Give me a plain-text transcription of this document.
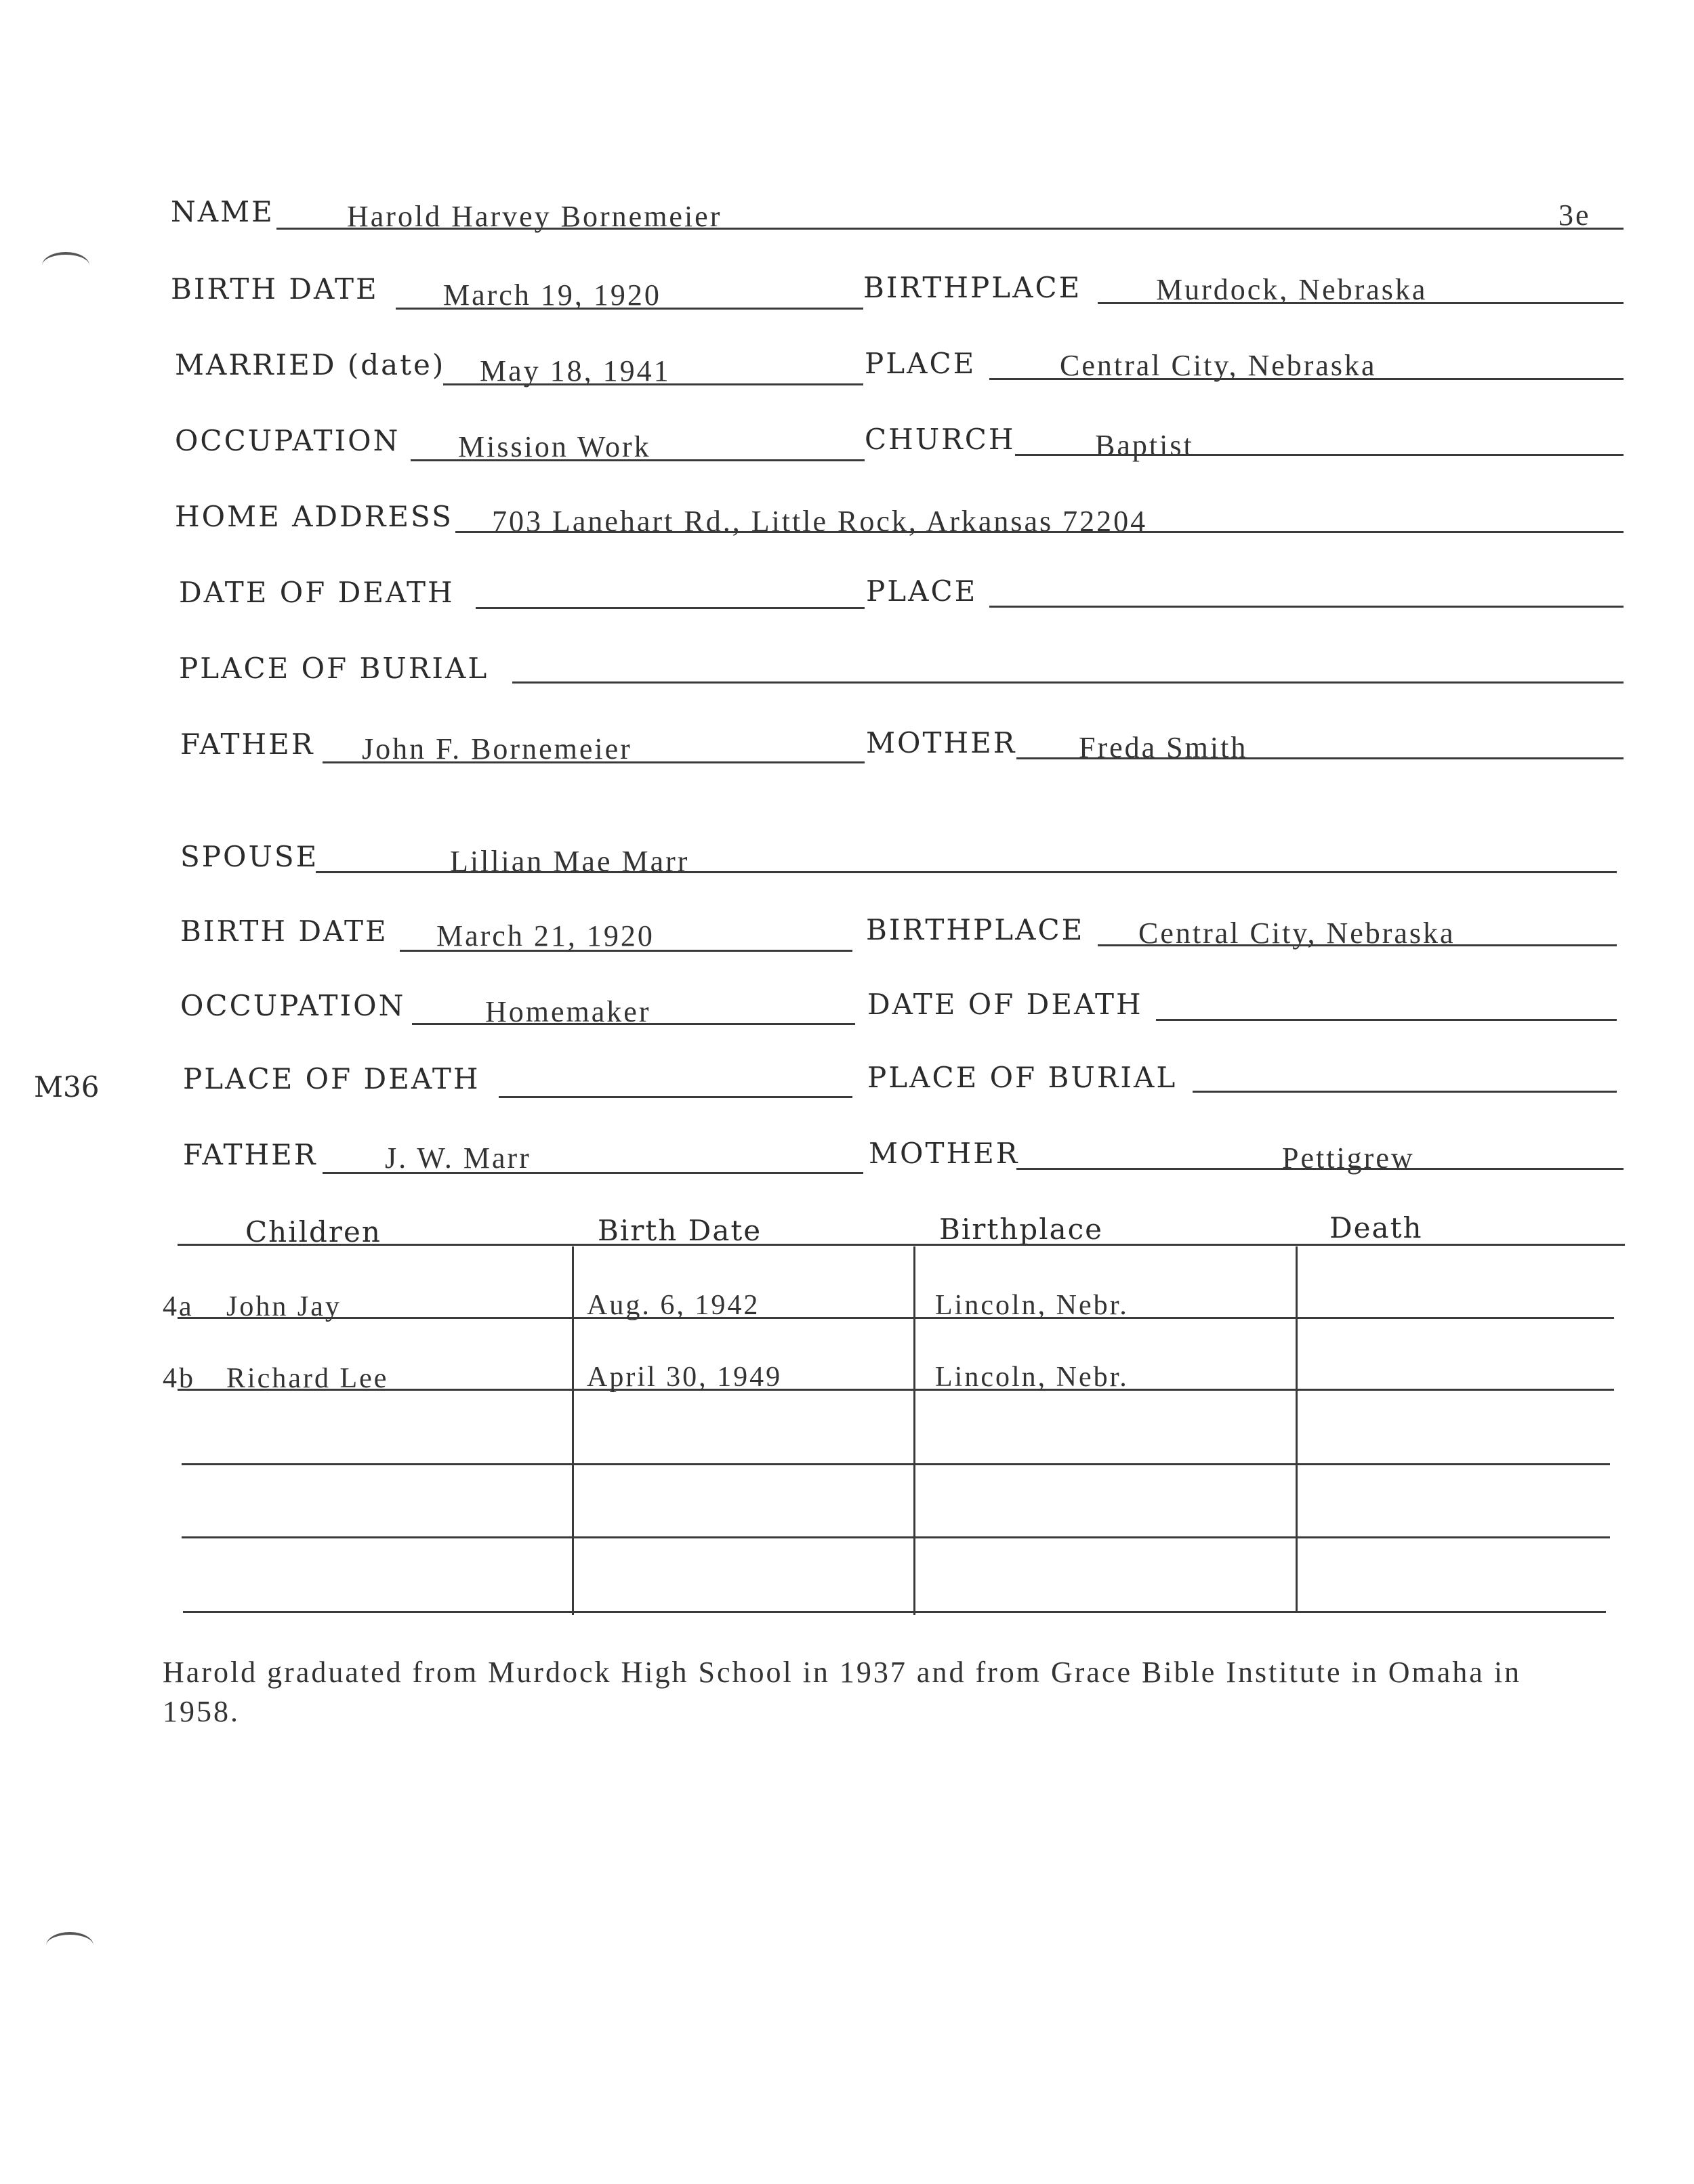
NAME Harold Harvey Bornemeier	3e
BIRTH DATE March 19, 1920	BIRTHPLACE Murdock, Nebraska
MARRIED (date) May 18, 1941	PLACE	Central City, Nebraska
OCCUPATION Mission Work	CHURCH	Baptist
HOME ADDRESS 703 Lanehart Rd., Little Rock, Arkansas 72204
DATE OF DEATH	PLACE
PLACE OF BURIAL
FATHER John F. Bornemeier	MOTHER Freda Smith
SPOUSE	Lillian Mae Marr
BIRTH DATE March 21, 1920	BIRTHPLACE Central City, Nebraska
OCCUPATION	Homemaker	DATE OF DEATH
M36	PLACE OF DEATH	PLACE OF BURIAL
FATHER J. W. Marr	MOTHER	Pettigrew
Children	Birth Date	Birthplace	Death
4a John Jay	Aug. 6, 1942	Lincoln, Nebr.
4b Richard Lee	April 30, 1949	Lincoln, Nebr.
Harold graduated from Murdock High School in 1937 and from Grace Bible Institute in Omaha in 1958.
